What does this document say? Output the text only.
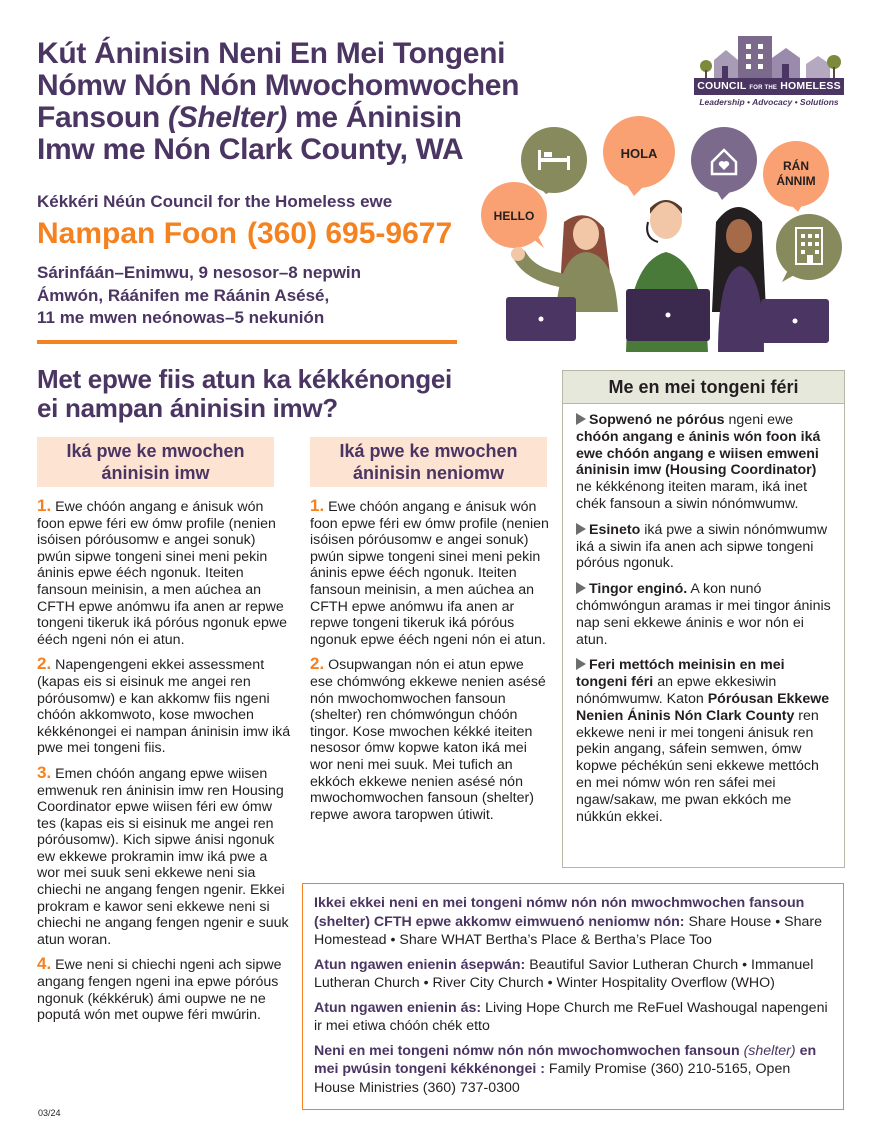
Kút Áninisin Neni En Mei Tongeni
Nómw Nón Nón Mwochomwochen
Fansoun (Shelter) me Áninisin
Imw me Nón Clark County, WA
Kékkéri Néún Council for the Homeless ewe
Nampan Foon (360) 695-9677
Sárinfáán–Enimwu, 9 nesosor–8 nepwin
Ámwón, Ráánifen me Ráánin Asésé,
11 me mwen neónowas–5 nekunión
COUNCIL FOR THE HOMELESS
Leadership • Advocacy • Solutions
HOLA
RÁN
ÁNNIM
HELLO
Met epwe fiis atun ka kékkénongei
ei nampan áninisin imw?
Iká pwe ke mwochen áninisin imw
Iká pwe ke mwochen áninisin neniomw

1. Ewe chóón angang e ánisuk wón foon epwe féri ew ómw profile (nenien isóisen póróusomw e angei sonuk) pwún sipwe tongeni sinei meni pekin áninis epwe ééch ngonuk. Iteiten fansoun meinisin, a men aúchea an CFTH epwe anómwu ifa anen ar repwe tongeni tikeruk iká póróus ngonuk epwe ééch ngeni nón ei atun.

2. Napengengeni ekkei assessment (kapas eis si eisinuk me angei ren póróusomw) e kan akkomw fiis ngeni chóón akkomwoto, kose mwochen kékkénongei ei nampan áninisin imw iká pwe mei tongeni fiis.

3. Emen chóón angang epwe wiisen emwenuk ren áninisin imw ren Housing Coordinator epwe wiisen féri ew ómw tes (kapas eis si eisinuk me angei ren póróusomw). Kich sipwe ánisi ngonuk ew ekkewe prokramin imw iká pwe a wor mei suuk seni ekkewe neni sia chiechi ne angang fengen ngenir. Ekkei prokram e kawor seni ekkewe neni si chiechi ne angang fengen ngenir e suuk atun woran.

4. Ewe neni si chiechi ngeni ach sipwe angang fengen ngeni ina epwe póróus ngonuk (kékkéruk) ámi oupwe ne ne poputá wón met oupwe féri mwúrin.

1. Ewe chóón angang e ánisuk wón foon epwe féri ew ómw profile (nenien isóisen póróusomw e angei sonuk) pwún sipwe tongeni sinei meni pekin áninis epwe ééch ngonuk. Iteiten fansoun meinisin, a men aúchea an CFTH epwe anómwu ifa anen ar repwe tongeni tikeruk iká póróus ngonuk epwe ééch ngeni nón ei atun.

2. Osupwangan nón ei atun epwe ese chómwóng ekkewe nenien asésé nón mwochomwochen fansoun (shelter) ren chómwóngun chóón tingor. Kose mwochen kékké iteiten nesosor ómw kopwe katon iká mei wor neni mei suuk. Mei tufich an ekkóch ekkewe nenien asésé nón mwochomwochen fansoun (shelter) repwe awora taropwen útiwit.

Me en mei tongeni féri

Sopwenó ne póróus ngeni ewe chóón angang e áninis wón foon iká ewe chóón angang e wiisen emweni áninisin imw (Housing Coordinator) ne kékkénong iteiten maram, iká inet chék fansoun a siwin nónómwumw.

Esineto iká pwe a siwin nónómwumw iká a siwin ifa anen ach sipwe tongeni póróus ngonuk.

Tingor enginó. A kon nunó chómwóngun aramas ir mei tingor áninis nap seni ekkewe áninis e wor nón ei atun.

Feri mettóch meinisin en mei tongeni féri an epwe ekkesiwin nónómwumw. Katon Póróusan Ekkewe Nenien Áninis Nón Clark County ren ekkewe neni ir mei tongeni ánisuk ren pekin angang, sáfein semwen, ómw kopwe péchékún seni ekkewe mettóch en mei nómw wón ren sáfei mei ngaw/sakaw, me pwan ekkóch me núkkún ekkei.

Ikkei ekkei neni en mei tongeni nómw nón nón mwochmwochen fansoun (shelter) CFTH epwe akkomw eimwuenó neniomw nón: Share House • Share Homestead • Share WHAT Bertha’s Place & Bertha’s Place Too

Atun ngawen enienin ásepwán: Beautiful Savior Lutheran Church • Immanuel Lutheran Church • River City Church • Winter Hospitality Overflow (WHO)

Atun ngawen enienin ás: Living Hope Church me ReFuel Washougal napengeni ir mei etiwa chóón chék etto

Neni en mei tongeni nómw nón nón mwochomwochen fansoun (shelter) en mei pwúsin tongeni kékkénongei : Family Promise (360) 210-5165, Open House Ministries (360) 737-0300

03/24
